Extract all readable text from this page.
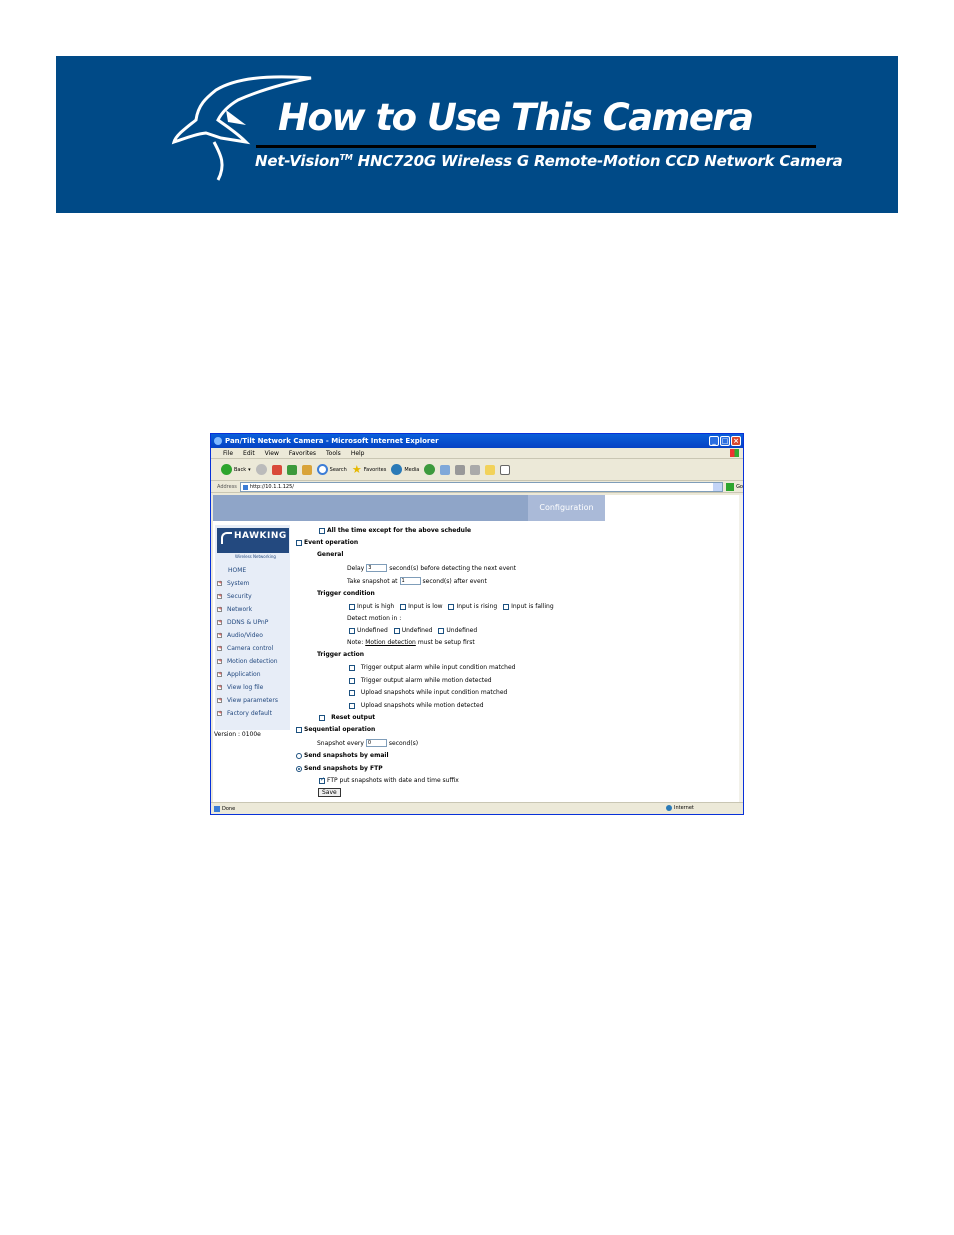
How to Use This Camera
Net-Vision™ HNC720G Wireless G Remote-Motion CCD Network Camera
Pan/Tilt Network Camera - Microsoft Internet Explorer	_ □ ×
File Edit View Favorites Tools Help
Back ▾	Search ★ Favorites	Media
Address	http://10.1.1.125/	Go
Configuration
HAWKING
Wireless Networking
HOME
+ System
+ Security
+ Network
+ DDNS & UPnP
+ Audio/Video
+ Camera control
+ Motion detection
+ Application
+ View log file
+ View parameters
+ Factory default
Version : 0100e
All the time except for the above schedule
Event operation
General
Delay 3	second(s) before detecting the next event
Take snapshot at 1	second(s) after event
Trigger condition
Input is high
Input is low
Input is rising
Input is falling
Detect motion in :
Undefined
Undefined
Undefined
Note: Motion detection must be setup first
Trigger action

Trigger output alarm while input condition matched

Trigger output alarm while motion detected

Upload snapshots while input condition matched

Upload snapshots while motion detected

Reset output
Sequential operation
Snapshot every 0	second(s)
Send snapshots by email
Send snapshots by FTP
✓
FTP put snapshots with date and time suffix
Save
Done	Internet
